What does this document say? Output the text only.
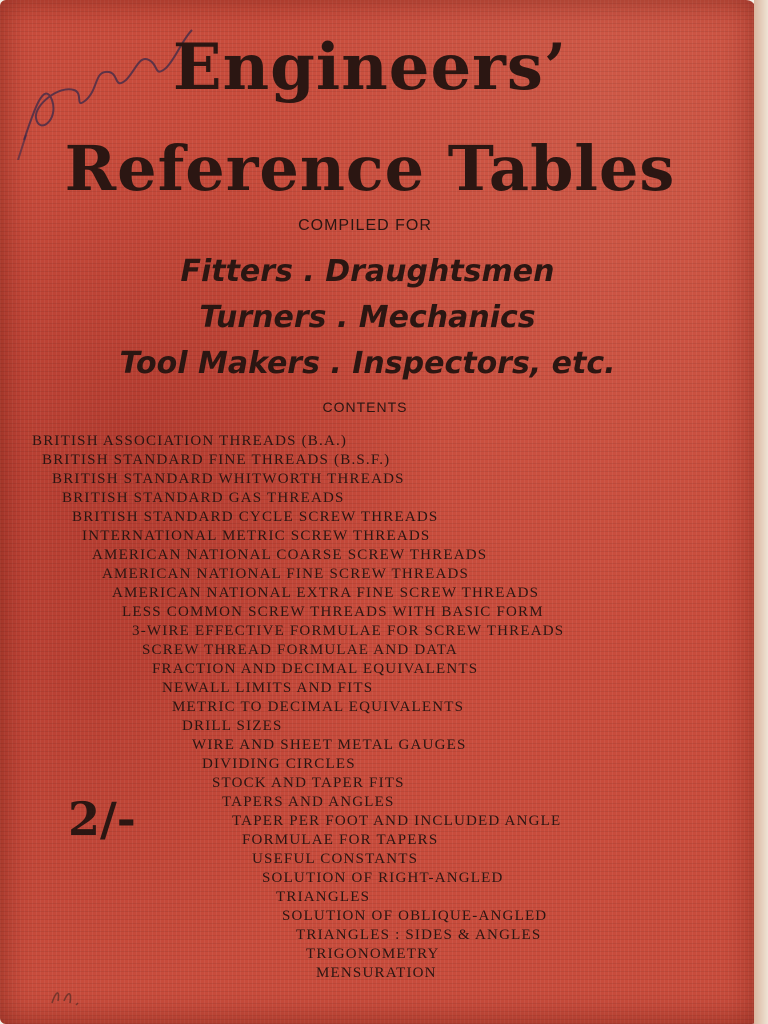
Engineers’
Reference Tables
COMPILED FOR
Fitters . Draughtsmen
Turners . Mechanics
Tool Makers . Inspectors, etc.
CONTENTS
BRITISH ASSOCIATION THREADS (B.A.)
BRITISH STANDARD FINE THREADS (B.S.F.)
BRITISH STANDARD WHITWORTH THREADS
BRITISH STANDARD GAS THREADS
BRITISH STANDARD CYCLE SCREW THREADS
INTERNATIONAL METRIC SCREW THREADS
AMERICAN NATIONAL COARSE SCREW THREADS
AMERICAN NATIONAL FINE SCREW THREADS
AMERICAN NATIONAL EXTRA FINE SCREW THREADS
LESS COMMON SCREW THREADS WITH BASIC FORM
3-WIRE EFFECTIVE FORMULAE FOR SCREW THREADS
SCREW THREAD FORMULAE AND DATA
FRACTION AND DECIMAL EQUIVALENTS
NEWALL LIMITS AND FITS
METRIC TO DECIMAL EQUIVALENTS
DRILL SIZES
WIRE AND SHEET METAL GAUGES
DIVIDING CIRCLES
STOCK AND TAPER FITS
TAPERS AND ANGLES
TAPER PER FOOT AND INCLUDED ANGLE
FORMULAE FOR TAPERS
USEFUL CONSTANTS
SOLUTION OF RIGHT-ANGLED
TRIANGLES
SOLUTION OF OBLIQUE-ANGLED
TRIANGLES : SIDES & ANGLES
TRIGONOMETRY
MENSURATION
2/-
